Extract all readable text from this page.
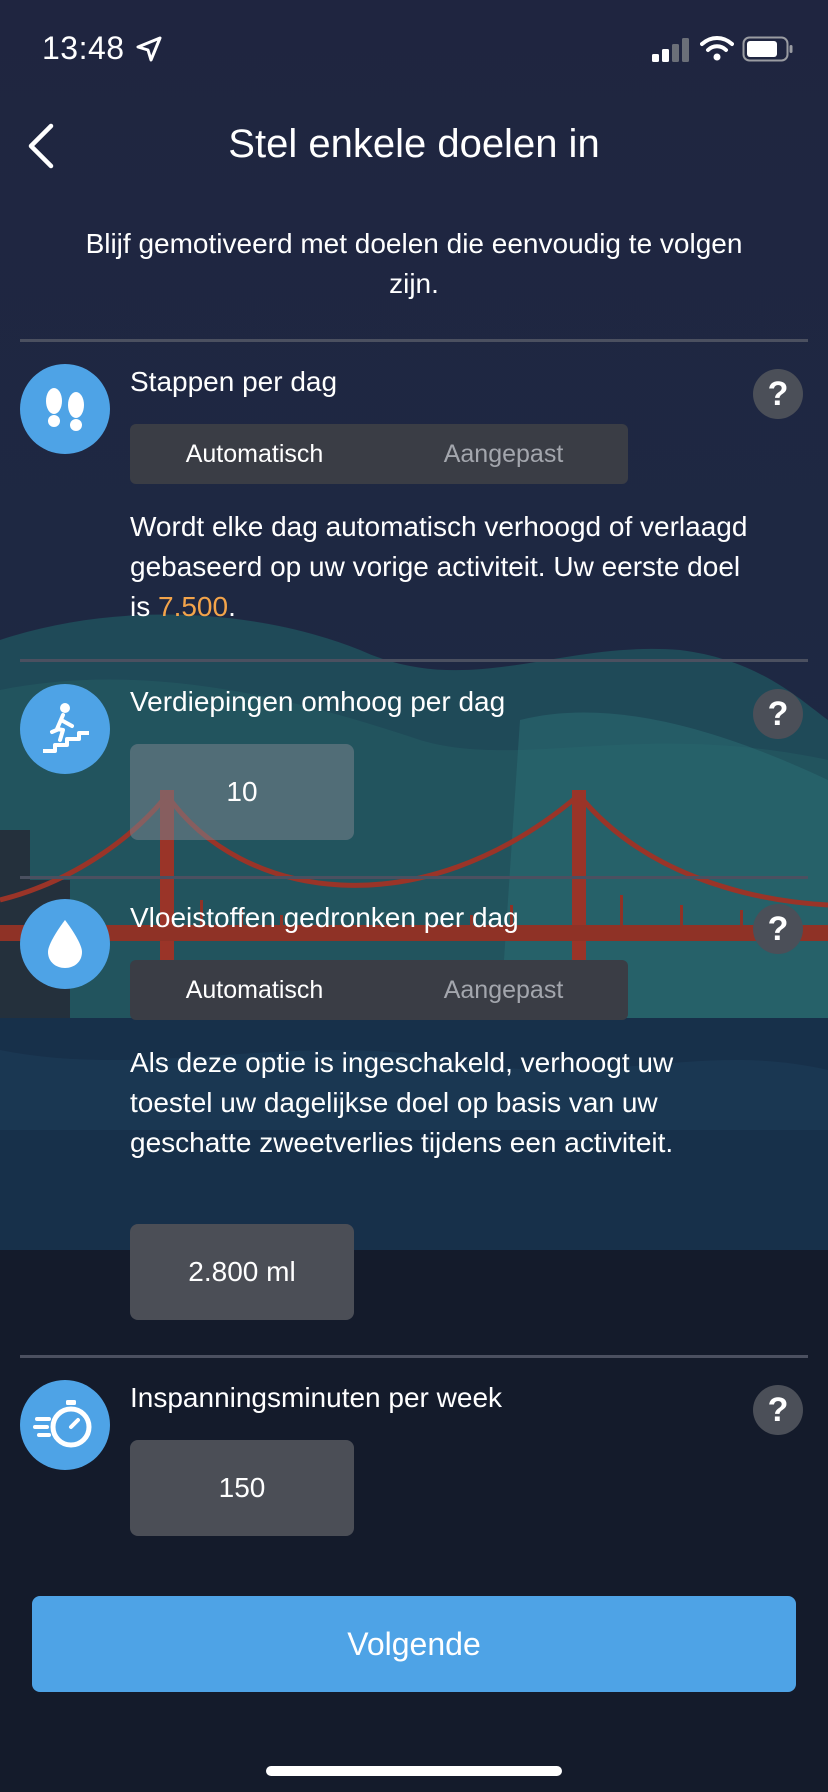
13:48
Stel enkele doelen in
Blijf gemotiveerd met doelen die eenvoudig te volgen zijn.
Stappen per dag	?
Automatisch	Aangepast
Wordt elke dag automatisch verhoogd of verlaagd gebaseerd op uw vorige activiteit. Uw eerste doel is 7.500.
Verdiepingen omhoog per dag	?
10
Vloeistoffen gedronken per dag	?
Automatisch	Aangepast
Als deze optie is ingeschakeld, verhoogt uw toestel uw dagelijkse doel op basis van uw geschatte zweetverlies tijdens een activiteit.
2.800 ml
Inspanningsminuten per week	?
150
Volgende
